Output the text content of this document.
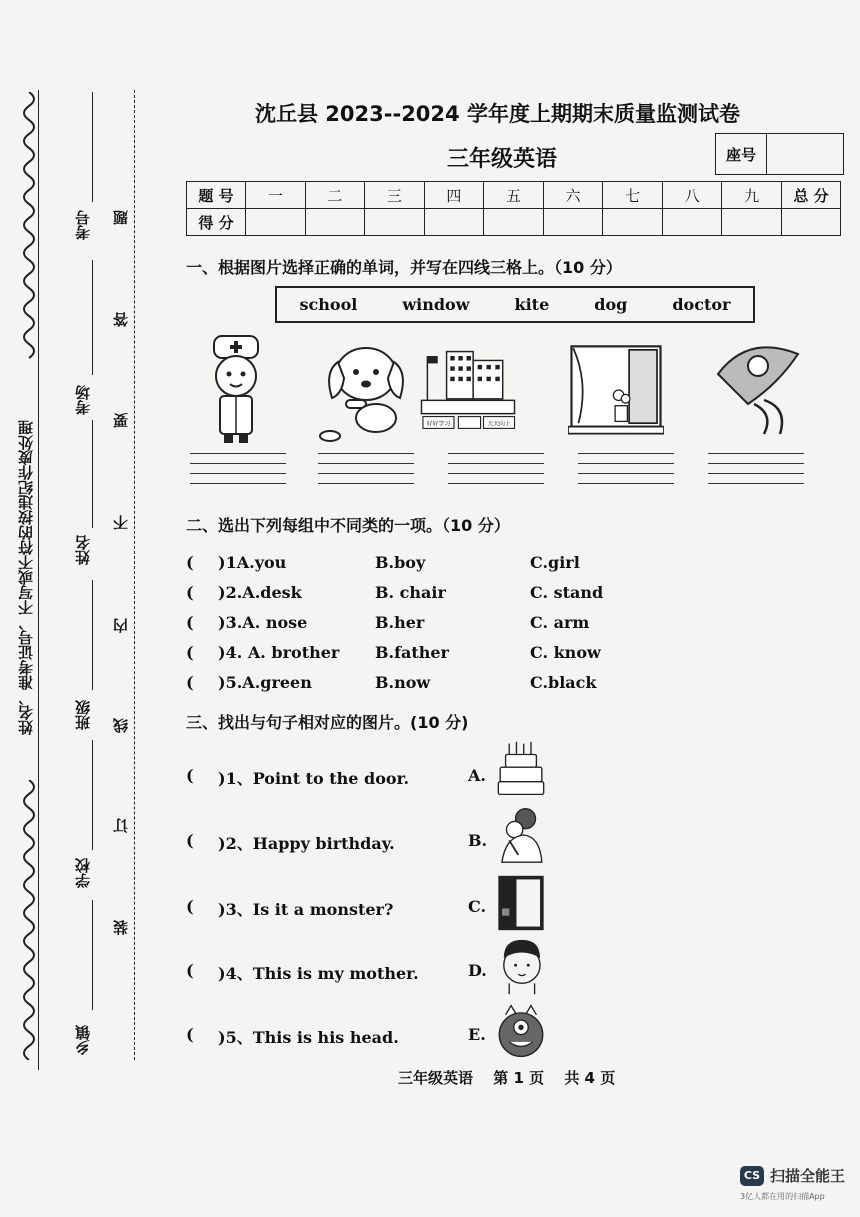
姓名、准考证号、不写或不符的按违纪作废处理
乡镇
学校
班级
姓名
考场
考号
装
订
线
内
不
要
答
题
沈丘县 2023--2024 学年度上期期末质量监测试卷
三年级英语	座号
题 号	一	二	三	四	五	六	七	八	九	总 分
得 分										
一、根据图片选择正确的单词，并写在四线三格上。（10 分）
school	window	kite	dog	doctor
好好学习	天天向上
二、选出下列每组中不同类的一项。（10 分）
( )1A.you	B.boy	C.girl
( )2.A.desk	B. chair	C. stand
( )3.A. nose	B.her	C. arm
( )4. A. brother B.father	C. know
( )5.A.green	B.now	C.black
三、找出与句子相对应的图片。(10 分)
( )1、Point to the door.	A.
( )2、Happy birthday.	B.
( )3、Is it a monster?	C.
( )4、This is my mother.	D.
( )5、This is his head.	E.
三年级英语　 第 1 页 　共 4 页
CS 扫描全能王
3亿人都在用的扫描App
